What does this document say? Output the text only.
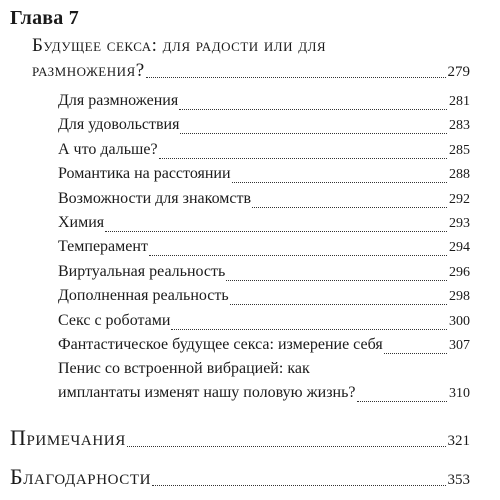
Глава 7
Будущее секса: для радости или для
размножения?	279
Для размножения	281
Для удовольствия	283
А что дальше?	285
Романтика на расстоянии	288
Возможности для знакомств	292
Химия	293
Темперамент	294
Виртуальная реальность	296
Дополненная реальность	298
Секс с роботами	300
Фантастическое будущее секса: измерение себя	307
Пенис со встроенной вибрацией: как
имплантаты изменят нашу половую жизнь?	310
Примечания	321
Благодарности	353
